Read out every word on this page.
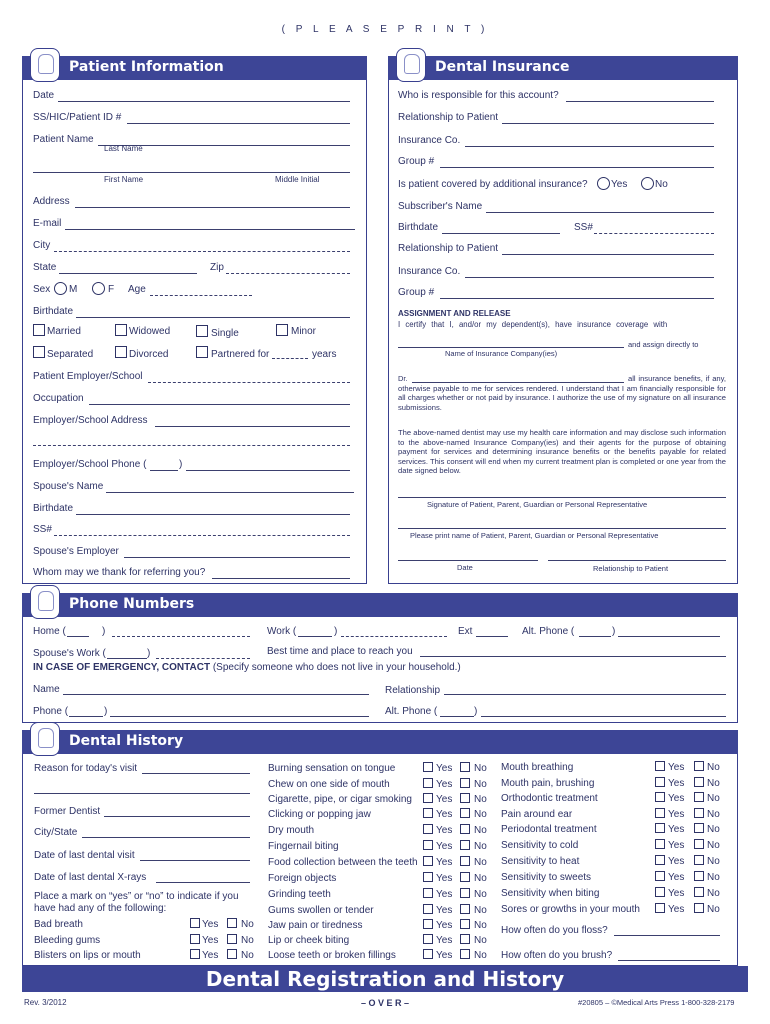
( P L E A S E P R I N T )
Patient Information
Date
SS/HIC/Patient ID #
Patient Name
Last Name
First Name	Middle Initial
Address
E-mail
City
State	Zip
Sex M	F Age
Birthdate
Married	Widowed	Single	Minor
Separated	Divorced	Partnered for	years
Patient Employer/School
Occupation
Employer/School Address
Employer/School Phone (	)
Spouse's Name
Birthdate
SS#
Spouse's Employer
Whom may we thank for referring you?
Dental Insurance
Who is responsible for this account?
Relationship to Patient
Insurance Co.
Group #
Is patient covered by additional insurance? Yes	No
Subscriber's Name
Birthdate	SS#
Relationship to Patient
Insurance Co.
Group #
ASSIGNMENT AND RELEASE
I certify that I, and/or my dependent(s), have insurance coverage with
and assign directly to
Name of Insurance Company(ies)
Dr.	all insurance benefits, if any, otherwise payable to me for services rendered. I understand that I am financially responsible for all charges whether or not paid by insurance. I authorize the use of my signature on all insurance submissions.
The above-named dentist may use my health care information and may disclose such information to the above-named Insurance Company(ies) and their agents for the purpose of obtaining payment for services and determining insurance benefits or the benefits payable for related services. This consent will end when my current treatment plan is completed or one year from the date signed below.
Signature of Patient, Parent, Guardian or Personal Representative
Please print name of Patient, Parent, Guardian or Personal Representative
Date	Relationship to Patient
Phone Numbers
Home (	)	Work (	)	Ext	Alt. Phone (	)
Spouse's Work (	)	Best time and place to reach you
IN CASE OF EMERGENCY, CONTACT (Specify someone who does not live in your household.)
Name	Relationship
Phone (	)	Alt. Phone (	)
Dental History
Reason for today's visit
Former Dentist
City/State
Date of last dental visit
Date of last dental X-rays
Place a mark on “yes” or “no” to indicate if you have had any of the following:
Bad breath	Yes No
Bleeding gums	Yes No
Blisters on lips or mouth	Yes No
Burning sensation on tongue	Yes No
Chew on one side of mouth	Yes No
Cigarette, pipe, or cigar smoking Yes No
Clicking or popping jaw	Yes No
Dry mouth	Yes No
Fingernail biting	Yes No
Food collection between the teeth Yes No
Foreign objects	Yes No
Grinding teeth	Yes No
Gums swollen or tender	Yes No
Jaw pain or tiredness	Yes No
Lip or cheek biting	Yes No
Loose teeth or broken fillings	Yes No
Mouth breathing	Yes No
Mouth pain, brushing	Yes No
Orthodontic treatment	Yes No
Pain around ear	Yes No
Periodontal treatment	Yes No
Sensitivity to cold	Yes No
Sensitivity to heat	Yes No
Sensitivity to sweets	Yes No
Sensitivity when biting	Yes No
Sores or growths in your mouth	Yes No
How often do you floss?
How often do you brush?
Dental Registration and History
Rev. 3/2012	– O V E R –	#20805 – ©Medical Arts Press 1-800-328-2179
